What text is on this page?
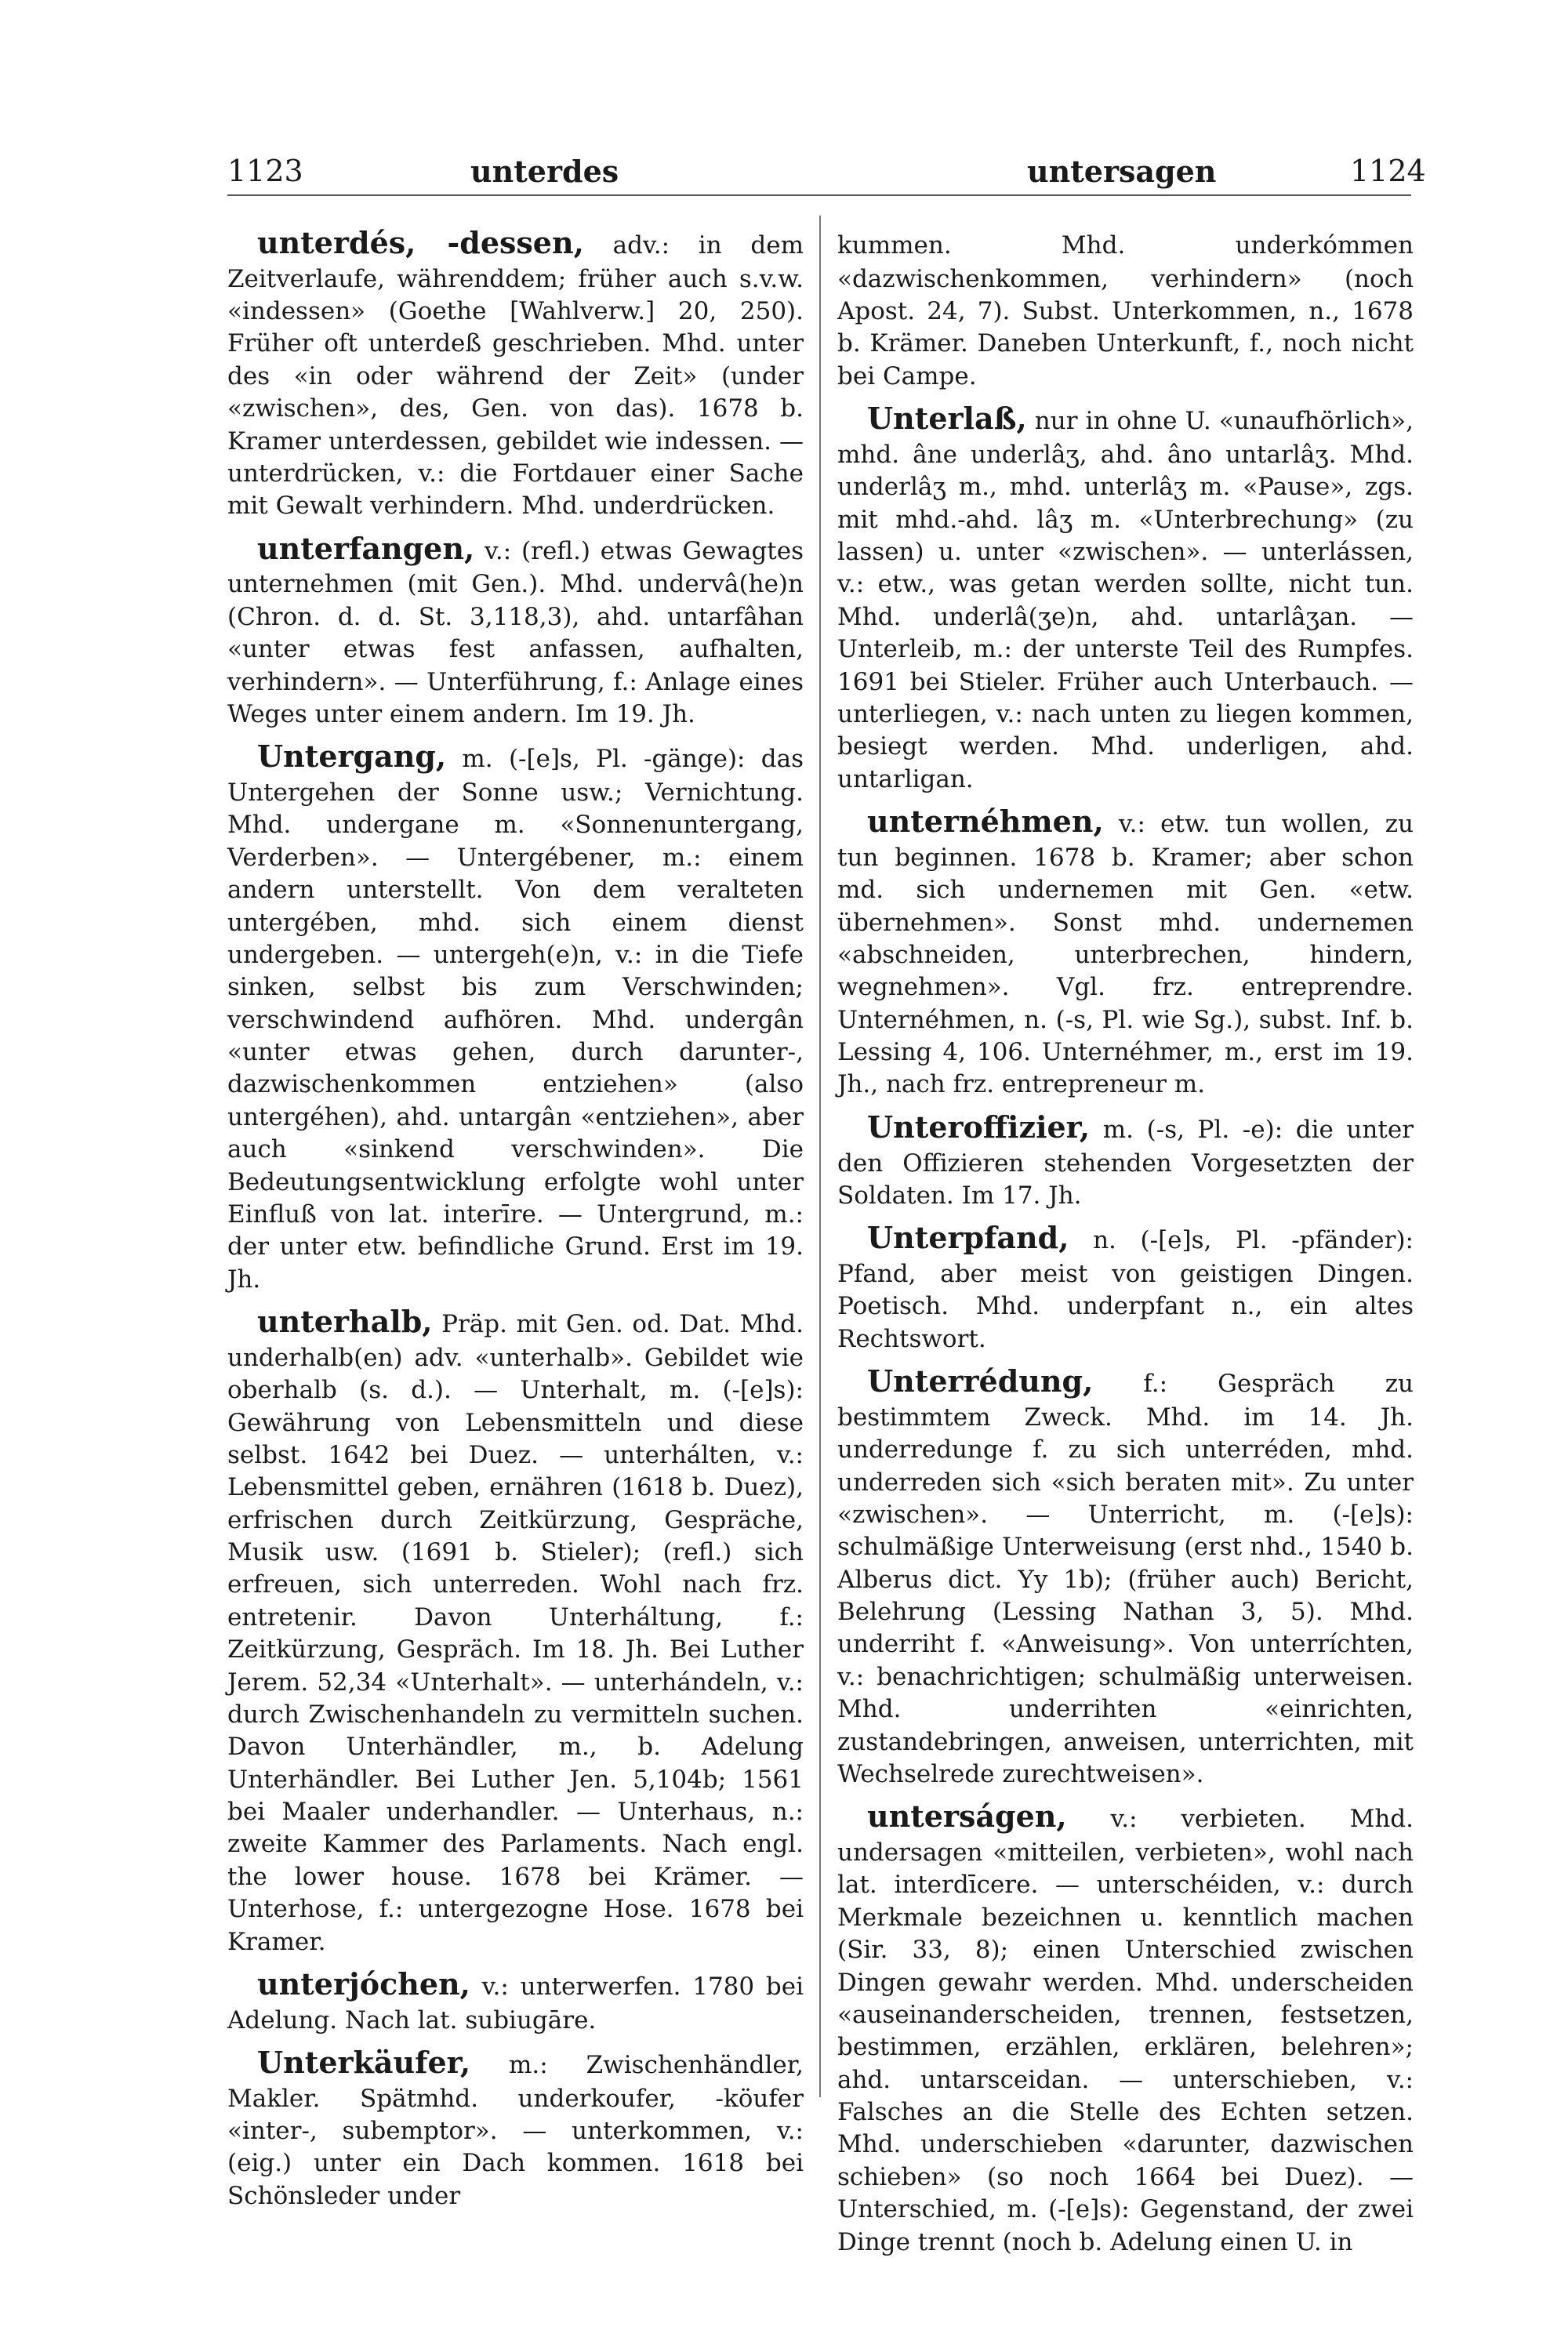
1123	unterdes	untersagen	1124

unterdés, -dessen, adv.: in dem Zeitverlaufe, währenddem; früher auch s.v.w. «indessen» (Goethe [Wahlverw.] 20, 250). Früher oft unterdeß geschrieben. Mhd. unter des «in oder während der Zeit» (under «zwischen», des, Gen. von das). 1678 b. Kramer unterdessen, gebildet wie indessen. — unterdrücken, v.: die Fortdauer einer Sache mit Gewalt verhindern. Mhd. underdrücken.

unterfangen, v.: (refl.) etwas Gewagtes unternehmen (mit Gen.). Mhd. undervâ(he)n (Chron. d. d. St. 3,118,3), ahd. untarfâhan «unter etwas fest anfassen, aufhalten, verhindern». — Unterführung, f.: Anlage eines Weges unter einem andern. Im 19. Jh.

Untergang, m. (-[e]s, Pl. -gänge): das Untergehen der Sonne usw.; Vernichtung. Mhd. undergane m. «Sonnenuntergang, Verderben». — Untergébener, m.: einem andern unterstellt. Von dem veralteten untergében, mhd. sich einem dienst undergeben. — untergeh(e)n, v.: in die Tiefe sinken, selbst bis zum Verschwinden; verschwindend aufhören. Mhd. undergân «unter etwas gehen, durch darunter-, dazwischenkommen entziehen» (also untergéhen), ahd. untargân «entziehen», aber auch «sinkend verschwinden». Die Bedeutungsentwicklung erfolgte wohl unter Einfluß von lat. interīre. — Untergrund, m.: der unter etw. befindliche Grund. Erst im 19. Jh.

unterhalb, Präp. mit Gen. od. Dat. Mhd. underhalb(en) adv. «unterhalb». Gebildet wie oberhalb (s. d.). — Unterhalt, m. (-[e]s): Gewährung von Lebensmitteln und diese selbst. 1642 bei Duez. — unterhálten, v.: Lebensmittel geben, ernähren (1618 b. Duez), erfrischen durch Zeitkürzung, Gespräche, Musik usw. (1691 b. Stieler); (refl.) sich erfreuen, sich unterreden. Wohl nach frz. entretenir. Davon Unterháltung, f.: Zeitkürzung, Gespräch. Im 18. Jh. Bei Luther Jerem. 52,34 «Unterhalt». — unterhándeln, v.: durch Zwischenhandeln zu vermitteln suchen. Davon Unterhändler, m., b. Adelung Unterhändler. Bei Luther Jen. 5,104b; 1561 bei Maaler underhandler. — Unterhaus, n.: zweite Kammer des Parlaments. Nach engl. the lower house. 1678 bei Krämer. — Unterhose, f.: untergezogne Hose. 1678 bei Kramer.

unterjóchen, v.: unterwerfen. 1780 bei Adelung. Nach lat. subiugāre.

Unterkäufer, m.: Zwischenhändler, Makler. Spätmhd. underkoufer, -köufer «inter-, subemptor». — unterkommen, v.: (eig.) unter ein Dach kommen. 1618 bei Schönsleder under

kummen. Mhd. underkómmen «dazwischenkommen, verhindern» (noch Apost. 24, 7). Subst. Unterkommen, n., 1678 b. Krämer. Daneben Unterkunft, f., noch nicht bei Campe.

Unterlaß, nur in ohne U. «unaufhörlich», mhd. âne underlâʒ, ahd. âno untarlâʒ. Mhd. underlâʒ m., mhd. unterlâʒ m. «Pause», zgs. mit mhd.-ahd. lâʒ m. «Unterbrechung» (zu lassen) u. unter «zwischen». — unterlássen, v.: etw., was getan werden sollte, nicht tun. Mhd. underlâ(ʒe)n, ahd. untarlâʒan. — Unterleib, m.: der unterste Teil des Rumpfes. 1691 bei Stieler. Früher auch Unterbauch. — unterliegen, v.: nach unten zu liegen kommen, besiegt werden. Mhd. underligen, ahd. untarligan.

unternéhmen, v.: etw. tun wollen, zu tun beginnen. 1678 b. Kramer; aber schon md. sich undernemen mit Gen. «etw. übernehmen». Sonst mhd. undernemen «abschneiden, unterbrechen, hindern, wegnehmen». Vgl. frz. entreprendre. Unternéhmen, n. (-s, Pl. wie Sg.), subst. Inf. b. Lessing 4, 106. Unternéhmer, m., erst im 19. Jh., nach frz. entrepreneur m.

Unteroffizier, m. (-s, Pl. -e): die unter den Offizieren stehenden Vorgesetzten der Soldaten. Im 17. Jh.

Unterpfand, n. (-[e]s, Pl. -pfänder): Pfand, aber meist von geistigen Dingen. Poetisch. Mhd. underpfant n., ein altes Rechtswort.

Unterrédung, f.: Gespräch zu bestimmtem Zweck. Mhd. im 14. Jh. underredunge f. zu sich unterréden, mhd. underreden sich «sich beraten mit». Zu unter «zwischen». — Unterricht, m. (-[e]s): schulmäßige Unterweisung (erst nhd., 1540 b. Alberus dict. Yy 1b); (früher auch) Bericht, Belehrung (Lessing Nathan 3, 5). Mhd. underriht f. «Anweisung». Von unterríchten, v.: benachrichtigen; schulmäßig unterweisen. Mhd. underrihten «einrichten, zustandebringen, anweisen, unterrichten, mit Wechselrede zurechtweisen».

unterságen, v.: verbieten. Mhd. undersagen «mitteilen, verbieten», wohl nach lat. interdīcere. — unterschéiden, v.: durch Merkmale bezeichnen u. kenntlich machen (Sir. 33, 8); einen Unterschied zwischen Dingen gewahr werden. Mhd. underscheiden «auseinanderscheiden, trennen, festsetzen, bestimmen, erzählen, erklären, belehren»; ahd. untarsceidan. — unterschieben, v.: Falsches an die Stelle des Echten setzen. Mhd. underschieben «darunter, dazwischen schieben» (so noch 1664 bei Duez). — Unterschied, m. (-[e]s): Gegenstand, der zwei Dinge trennt (noch b. Adelung einen U. in
